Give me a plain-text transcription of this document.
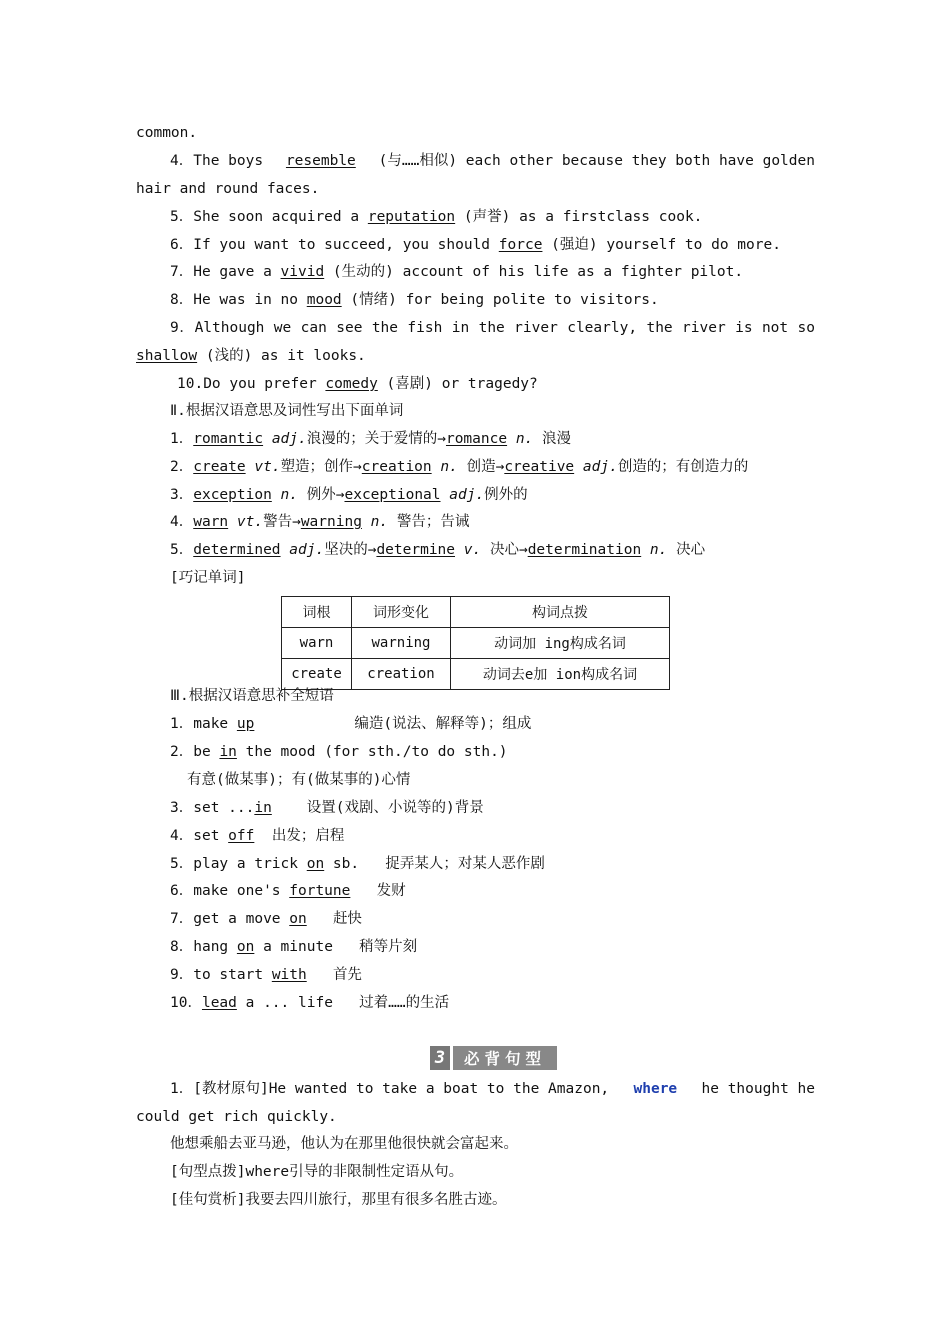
common.
4．The boys resemble (与……相似) each other because they both have golden
hair and round faces.
5．She soon acquired a reputation (声誉) as a firstclass cook.
6．If you want to succeed, you should force (强迫) yourself to do more.
7．He gave a vivid (生动的) account of his life as a fighter pilot.
8．He was in no mood (情绪) for being polite to visitors.
9．Although we can see the fish in the river clearly, the river is not so
shallow (浅的) as it looks.
10.Do you prefer comedy (喜剧) or tragedy?
Ⅱ.根据汉语意思及词性写出下面单词
1．romantic adj.浪漫的；关于爱情的→romance n. 浪漫
2．create vt.塑造；创作→creation n. 创造→creative adj.创造的；有创造力的
3．exception n. 例外→exceptional adj.例外的
4．warn vt.警告→warning n. 警告；告诫
5．determined adj.坚决的→determine v. 决心→determination n. 决心
[巧记单词]
词根	词形变化	构词点拨
warn	warning	动词加 ing构成名词
create	creation	动词去e加 ion构成名词
Ⅲ.根据汉语意思补全短语
1．make up	编造(说法、解释等)；组成
2．be in the mood (for sth./to do sth.)
有意(做某事)；有(做某事的)心情
3．set ...in 设置(戏剧、小说等的)背景
4．set off 出发；启程
5．play a trick on sb. 捉弄某人；对某人恶作剧
6．make one's fortune 发财
7．get a move on 赶快
8．hang on a minute 稍等片刻
9．to start with 首先
10．lead a ... life 过着……的生活
3	必背句型
1．[教材原句]He wanted to take a boat to the Amazon, where he thought he
could get rich quickly.
他想乘船去亚马逊，他认为在那里他很快就会富起来。
[句型点拨]where引导的非限制性定语从句。
[佳句赏析]我要去四川旅行，那里有很多名胜古迹。
